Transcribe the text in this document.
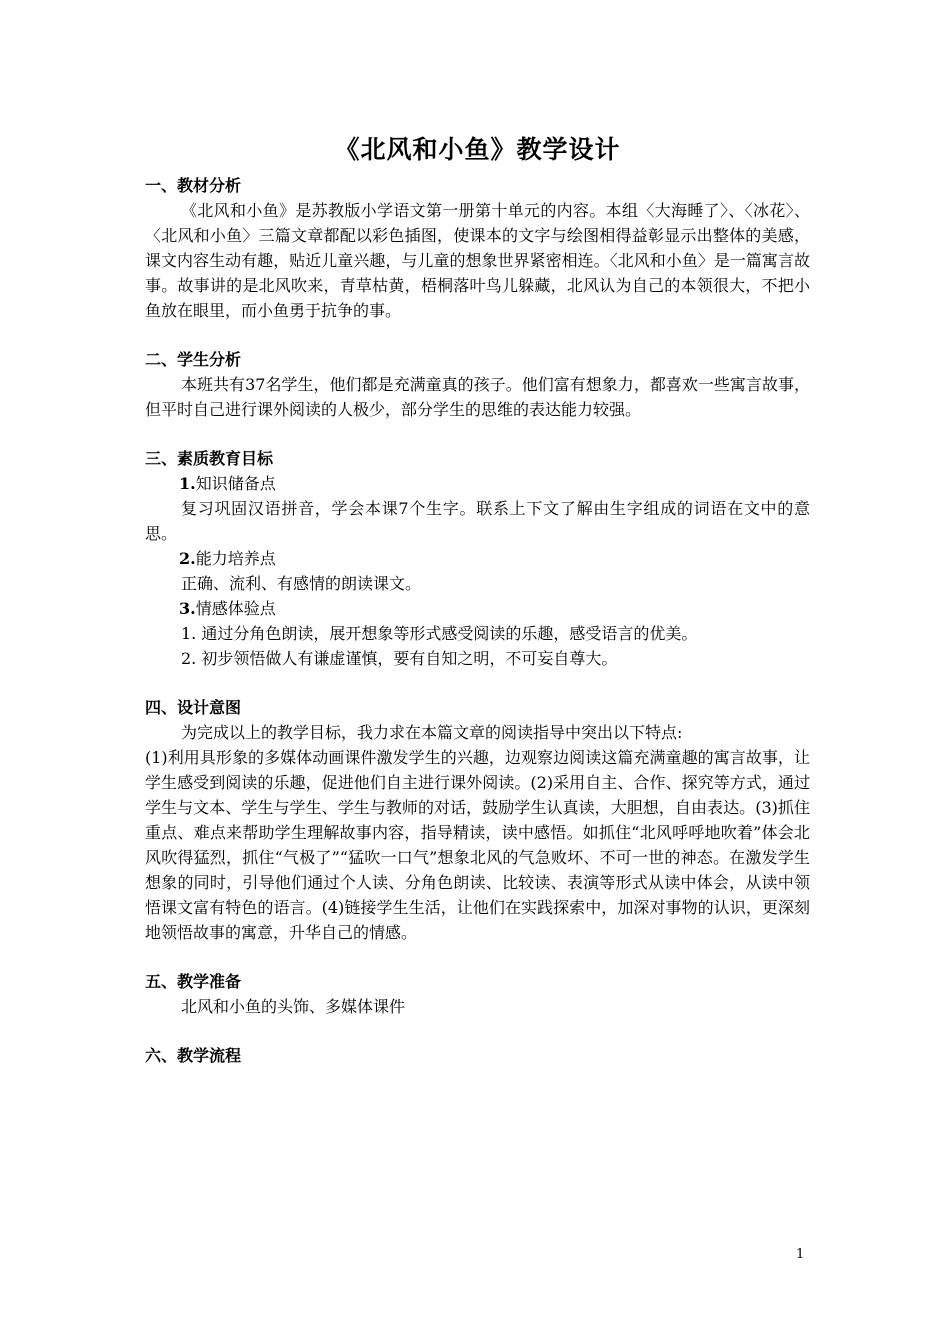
《北风和小鱼》教学设计

一、教材分析

《北风和小鱼》是苏教版小学语文第一册第十单元的内容。本组〈大海睡了〉、〈冰花〉、〈北风和小鱼〉三篇文章都配以彩色插图，使课本的文字与绘图相得益彰显示出整体的美感，课文内容生动有趣，贴近儿童兴趣，与儿童的想象世界紧密相连。〈北风和小鱼〉是一篇寓言故事。故事讲的是北风吹来，青草枯黄，梧桐落叶鸟儿躲藏，北风认为自己的本领很大，不把小鱼放在眼里，而小鱼勇于抗争的事。

二、学生分析

本班共有37名学生，他们都是充满童真的孩子。他们富有想象力，都喜欢一些寓言故事，但平时自己进行课外阅读的人极少，部分学生的思维的表达能力较强。

三、素质教育目标

1.知识储备点

复习巩固汉语拼音，学会本课7个生字。联系上下文了解由生字组成的词语在文中的意思。

2.能力培养点

正确、流利、有感情的朗读课文。

3.情感体验点

1. 通过分角色朗读，展开想象等形式感受阅读的乐趣，感受语言的优美。

2. 初步领悟做人有谦虚谨慎，要有自知之明，不可妄自尊大。

四、设计意图

为完成以上的教学目标，我力求在本篇文章的阅读指导中突出以下特点:

(1)利用具形象的多媒体动画课件激发学生的兴趣，边观察边阅读这篇充满童趣的寓言故事，让学生感受到阅读的乐趣，促进他们自主进行课外阅读。(2)采用自主、合作、探究等方式，通过学生与文本、学生与学生、学生与教师的对话，鼓励学生认真读，大胆想，自由表达。(3)抓住重点、难点来帮助学生理解故事内容，指导精读，读中感悟。如抓住“北风呼呼地吹着”体会北风吹得猛烈，抓住“气极了”“猛吹一口气”想象北风的气急败坏、不可一世的神态。在激发学生想象的同时，引导他们通过个人读、分角色朗读、比较读、表演等形式从读中体会，从读中领悟课文富有特色的语言。(4)链接学生生活，让他们在实践探索中，加深对事物的认识，更深刻地领悟故事的寓意，升华自己的情感。

五、教学准备

北风和小鱼的头饰、多媒体课件

六、教学流程

1
